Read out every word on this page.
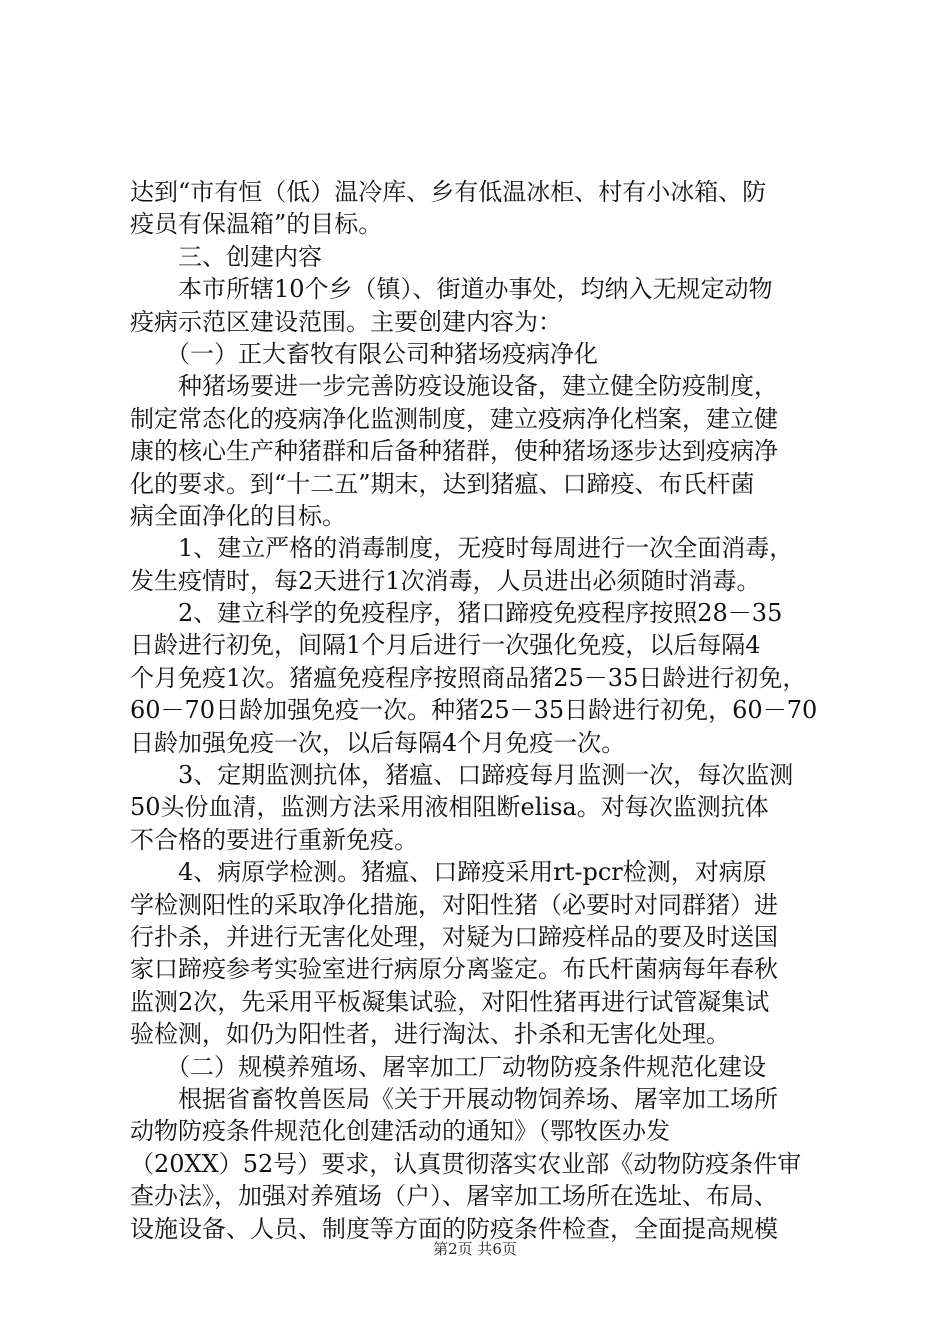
达到“市有恒（低）温冷库、乡有低温冰柜、村有小冰箱、防
疫员有保温箱”的目标。
　　三、创建内容
　　本市所辖10个乡（镇）、街道办事处，均纳入无规定动物
疫病示范区建设范围。主要创建内容为：
　　（一）正大畜牧有限公司种猪场疫病净化
　　种猪场要进一步完善防疫设施设备，建立健全防疫制度，
制定常态化的疫病净化监测制度，建立疫病净化档案，建立健
康的核心生产种猪群和后备种猪群，使种猪场逐步达到疫病净
化的要求。到“十二五”期末，达到猪瘟、口蹄疫、布氏杆菌
病全面净化的目标。
　　1、建立严格的消毒制度，无疫时每周进行一次全面消毒，
发生疫情时，每2天进行1次消毒，人员进出必须随时消毒。
　　2、建立科学的免疫程序，猪口蹄疫免疫程序按照28－35
日龄进行初免，间隔1个月后进行一次强化免疫，以后每隔4
个月免疫1次。猪瘟免疫程序按照商品猪25－35日龄进行初免，
60－70日龄加强免疫一次。种猪25－35日龄进行初免，60－70
日龄加强免疫一次，以后每隔4个月免疫一次。
　　3、定期监测抗体，猪瘟、口蹄疫每月监测一次，每次监测
50头份血清，监测方法采用液相阻断elisa。对每次监测抗体
不合格的要进行重新免疫。
　　4、病原学检测。猪瘟、口蹄疫采用rt-pcr检测，对病原
学检测阳性的采取净化措施，对阳性猪（必要时对同群猪）进
行扑杀，并进行无害化处理，对疑为口蹄疫样品的要及时送国
家口蹄疫参考实验室进行病原分离鉴定。布氏杆菌病每年春秋
监测2次，先采用平板凝集试验，对阳性猪再进行试管凝集试
验检测，如仍为阳性者，进行淘汰、扑杀和无害化处理。
　　（二）规模养殖场、屠宰加工厂动物防疫条件规范化建设
　　根据省畜牧兽医局《关于开展动物饲养场、屠宰加工场所
动物防疫条件规范化创建活动的通知》（鄂牧医办发
（20XX）52号）要求，认真贯彻落实农业部《动物防疫条件审
查办法》，加强对养殖场（户）、屠宰加工场所在选址、布局、
设施设备、人员、制度等方面的防疫条件检查，全面提高规模
第2页 共6页
